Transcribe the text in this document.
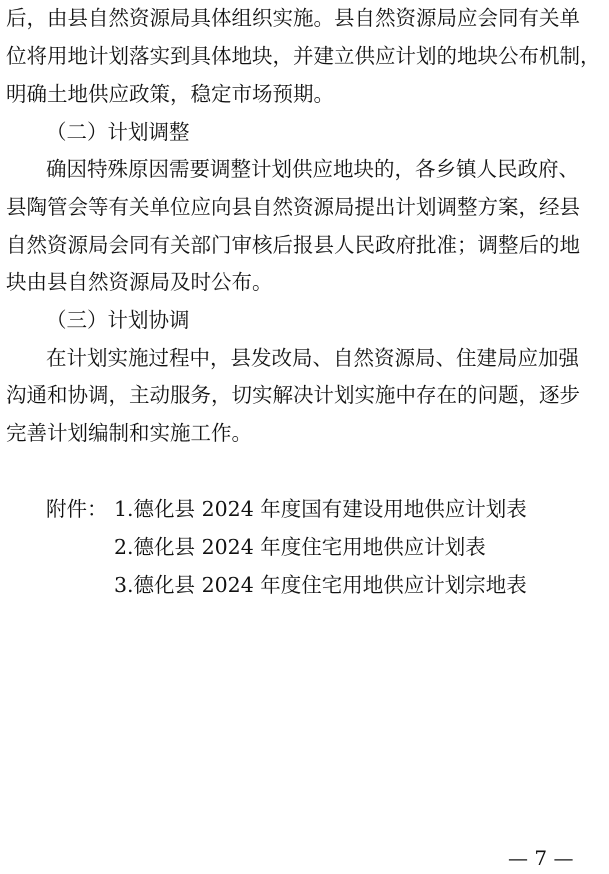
后，由县自然资源局具体组织实施。县自然资源局应会同有关单
位将用地计划落实到具体地块，并建立供应计划的地块公布机制，
明确土地供应政策，稳定市场预期。
（二）计划调整
确因特殊原因需要调整计划供应地块的，各乡镇人民政府、
县陶管会等有关单位应向县自然资源局提出计划调整方案，经县
自然资源局会同有关部门审核后报县人民政府批准；调整后的地
块由县自然资源局及时公布。
（三）计划协调
在计划实施过程中，县发改局、自然资源局、住建局应加强
沟通和协调，主动服务，切实解决计划实施中存在的问题，逐步
完善计划编制和实施工作。
附件： 1.德化县 2024 年度国有建设用地供应计划表
2.德化县 2024 年度住宅用地供应计划表
3.德化县 2024 年度住宅用地供应计划宗地表
— 7 —
